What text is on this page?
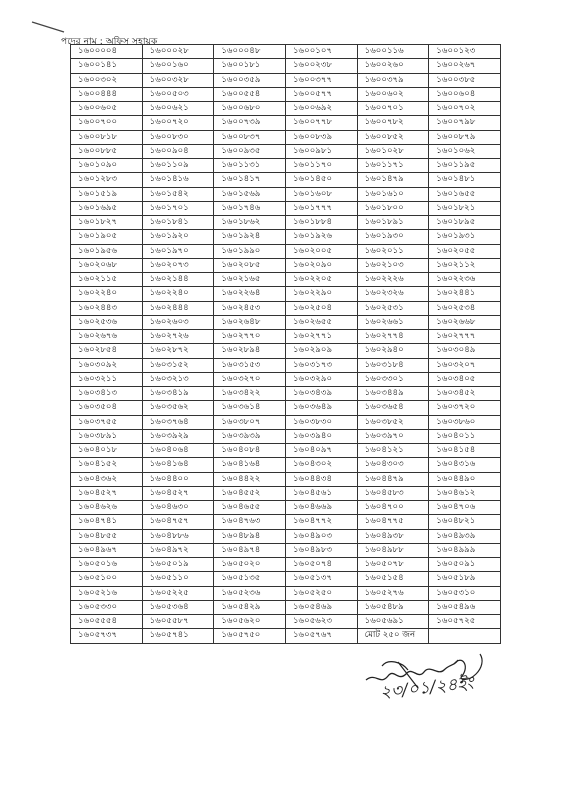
পদের নাম : অফিস সহায়ক
১৬০০০০৪	১৬০০০২৮	১৬০০০৪৮	১৬০০১০৭	১৬০০১১৬	১৬০০১২৩
১৬০০১৪১	১৬০০১৬০	১৬০০১৮১	১৬০০২৩৮	১৬০০২৬০	১৬০০২৬৭
১৬০০৩০২	১৬০০৩২৮	১৬০০৩৫৯	১৬০০৩৭৭	১৬০০৩৭৯	১৬০০৩৮৫
১৬০০৪৪৪	১৬০০৫০৩	১৬০০৫৫৪	১৬০০৫৭৭	১৬০০৬০২	১৬০০৬০৪
১৬০০৬০৫	১৬০০৬২১	১৬০০৬৮০	১৬০০৬৯২	১৬০০৭০১	১৬০০৭০২
১৬০০৭০০	১৬০০৭২০	১৬০০৭৩৯	১৬০০৭৭৮	১৬০০৭৮২	১৬০০৭৯৮
১৬০০৮১৮	১৬০০৮৩০	১৬০০৮৩৭	১৬০০৮৩৯	১৬০০৮৫২	১৬০০৮৭৯
১৬০০৮৮৫	১৬০০৯০৪	১৬০০৯৩৫	১৬০০৯৮১	১৬০১০২৮	১৬০১০৬২
১৬০১০৯০	১৬০১১০৯	১৬০১১৩১	১৬০১১৭০	১৬০১১৭১	১৬০১১৯৫
১৬০১২৮৩	১৬০১৪১৬	১৬০১৪১৭	১৬০১৪৫০	১৬০১৪৭৯	১৬০১৪৮১
১৬০১৫১৯	১৬০১৫৪২	১৬০১৫৬৯	১৬০১৬০৮	১৬০১৬১০	১৬০১৬৫৫
১৬০১৬৯৫	১৬০১৭০১	১৬০১৭৪৬	১৬০১৭৭৭	১৬০১৮০০	১৬০১৮২১
১৬০১৮২৭	১৬০১৮৪১	১৬০১৮৬২	১৬০১৮৮৪	১৬০১৮৯১	১৬০১৮৯৫
১৬০১৯০৫	১৬০১৯২০	১৬০১৯২৪	১৬০১৯২৬	১৬০১৯৩০	১৬০১৯৩১
১৬০১৯৫৬	১৬০১৯৭০	১৬০১৯৯০	১৬০২০০৫	১৬০২০১১	১৬০২০৫৫
১৬০২০৬৮	১৬০২০৭৩	১৬০২০৮৫	১৬০২০৯০	১৬০২১০৩	১৬০২১১২
১৬০২১১৫	১৬০২১৪৪	১৬০২১৬৫	১৬০২২০৫	১৬০২২২৬	১৬০২২৩৬
১৬০২২৪০	১৬০২২৪০	১৬০২২৬৪	১৬০২২৯০	১৬০২৩২৬	১৬০২৪৪১
১৬০২৪৪৩	১৬০২৪৪৪	১৬০২৪৫৩	১৬০২৫০৪	১৬০২৫৩১	১৬০২৫৩৪
১৬০২৫৩৬	১৬০২৬০৩	১৬০২৬৪৮	১৬০২৬৫৫	১৬০২৬৬১	১৬০২৬৬৮
১৬০২৬৭৬	১৬০২৭২৬	১৬০২৭৭০	১৬০২৭৭১	১৬০২৭৭৪	১৬০২৭৭৭
১৬০২৮৫৪	১৬০২৮৭২	১৬০২৮৯৪	১৬০২৯০৯	১৬০২৯৪০	১৬০৩০৪৯
১৬০৩০৯২	১৬০৩১৫২	১৬০৩১৫৩	১৬০৩১৭৩	১৬০৩১৮৪	১৬০৩২০৭
১৬০৩২১১	১৬০৩২১৩	১৬০৩২৭০	১৬০৩২৯০	১৬০৩৩০১	১৬০৩৪০৫
১৬০৩৪১৩	১৬০৩৪১৯	১৬০৩৪২২	১৬০৩৪৩৯	১৬০৩৪৪৯	১৬০৩৪৫২
১৬০৩৫০৪	১৬০৩৫৬২	১৬০৩৬১৪	১৬০৩৬৪৯	১৬০৩৬৫৪	১৬০৩৭২০
১৬০৩৭৫৫	১৬০৩৭৬৪	১৬০৩৮০৭	১৬০৩৮৩০	১৬০৩৮৫২	১৬০৩৮৬০
১৬০৩৮৯১	১৬০৩৯২৯	১৬০৩৯৩৯	১৬০৩৯৪০	১৬০৩৯৭০	১৬০৪০১১
১৬০৪০১৮	১৬০৪০৬৪	১৬০৪০৮৪	১৬০৪০৯৭	১৬০৪১২১	১৬০৪১৫৪
১৬০৪১৫২	১৬০৪১৬৪	১৬০৪১৬৪	১৬০৪৩০২	১৬০৪৩০৩	১৬০৪৩১৬
১৬০৪৩৬২	১৬০৪৪০০	১৬০৪৪২২	১৬০৪৪৩৪	১৬০৪৪৭৯	১৬০৪৪৯০
১৬০৪৫২৭	১৬০৪৫২৭	১৬০৪৫৫২	১৬০৪৫৬১	১৬০৪৫৮৩	১৬০৪৬১২
১৬০৪৬২৬	১৬০৪৬৩০	১৬০৪৬৫৫	১৬০৪৬৬৯	১৬০৪৭০০	১৬০৪৭০৬
১৬০৪৭৪১	১৬০৪৭৫৭	১৬০৪৭৬৩	১৬০৪৭৭২	১৬০৪৭৭৫	১৬০৪৮২১
১৬০৪৮৫৫	১৬০৪৮৮৬	১৬০৪৮৯৪	১৬০৪৯০৩	১৬০৪৯৩৮	১৬০৪৯৩৯
১৬০৪৯৬৭	১৬০৪৯৭২	১৬০৪৯৭৪	১৬০৪৯৮৩	১৬০৪৯৮৮	১৬০৪৯৯৯
১৬০৫০১৬	১৬০৫০১৯	১৬০৫০২০	১৬০৫০৭৪	১৬০৫০৭৮	১৬০৫০৯১
১৬০৫১০০	১৬০৫১১০	১৬০৫১৩৫	১৬০৫১৩৭	১৬০৫১৫৪	১৬০৫১৮৯
১৬০৫২১৬	১৬০৫২২৫	১৬০৫২৩৬	১৬০৫২৫০	১৬০৫২৭৬	১৬০৫৩১০
১৬০৫৩৩০	১৬০৫৩৬৪	১৬০৫৪২৯	১৬০৫৪৬৯	১৬০৫৪৮৯	১৬০৫৪৯৬
১৬০৫৫৫৪	১৬০৫৫৮৭	১৬০৫৬২০	১৬০৫৬২৩	১৬০৫৬৯১	১৬০৫৭২৫
১৬০৫৭৩৭	১৬০৫৭৪১	১৬০৫৭৫০	১৬০৫৭৬৭	মোট ২৫০ জন	
২৩/০১/২৪ইং
